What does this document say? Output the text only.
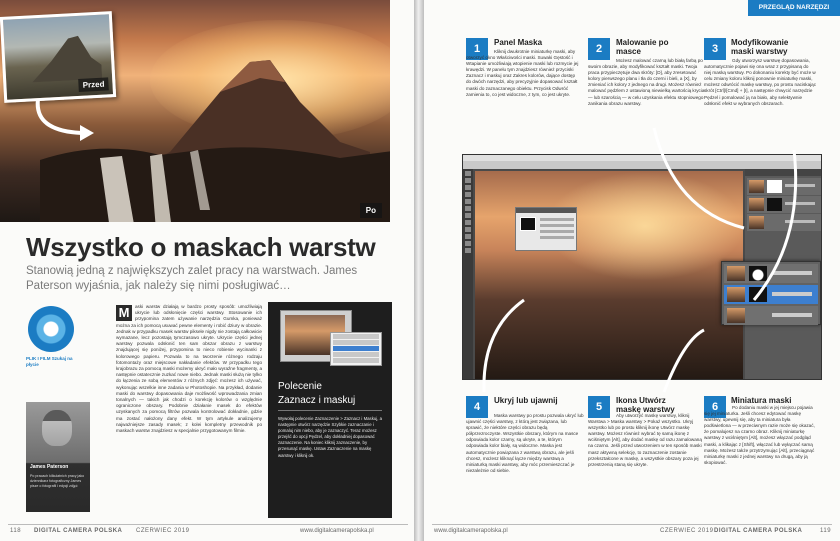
Po
Przed
Wszystko o maskach warstw
Stanowią jedną z największych zalet pracy na warstwach. James Paterson wyjaśnia, jak należy się nimi posługiwać…
PLIK I FILM Szukaj na płycie
James Paterson
Po pracach kilkulatnich pracy jako dziennikarz fotograficzny James pisze o fotografii i edycji zdjęć
M	aski warstw działają w bardzo prosty sposób: umożliwiają ukrycie lub odsłonięcie części warstwy. Stosowanie ich przypomina zatem używanie narzędzia Gumka, ponieważ można za ich pomocą usuwać pewne elementy i robić dziury w obrazie. Jednak w przypadku masek warstw piksele nigdy nie zostają całkowicie wymazane, lecz pozostają tymczasowo ukryte. Ukrycie części jednej warstwy pozwala odsłonić ten sam obszar obrazu z warstwy znajdującej się poniżej, przypomina to nieco robienie wycinanki z kolorowego papieru. Pozwala to na tworzenie różnego rodzaju fotomontaży oraz miejscowe nakładanie efektów. W przypadku tego krajobrazu za pomocą maski możemy ukryć mało wyraźne fragmenty, a następnie ostatecznie zuzkać nowe niebo. Jednak maski służą nie tylko do łączenia ze sobą elementów z różnych zdjęć: możesz ich używać, wykonując wszelkie inne zadania w Photoshopie. Na przykład, dodanie maski do warstwy dopasowania daje możliwość wprowadzania zmian tonalnych — takich jak chodzi o korekcję kolorów o względnie ograniczone obszary. Podobnie działanie masek do efektów uzyskanych za pomocą filtrów pozwala kontrolować dokładnie, gdzie ma zostać nałożony dany efekt. W tym artykule analizujemy najważniejsze zasady masek; z kolei kompletny przewodnik po maskach warstw znajdziesz w specjalnie przygotowanym filmie.
Polecenie
Zaznacz i maskuj
Wywołaj polecenie Zaznaczenie > Zaznacz i Maskuj, a następnie otwórz narzędzie Szybkie zaznaczanie i pomaluj nim niebo, aby je zaznaczyć. Teraz możesz przejść do opcji Pędzel, aby dokładniej dopasować zaznaczenie. Na koniec kliknij zaznaczenie, by przesunąć maskę. Ustaw Zaznaczenie na maskę warstwy i kliknij ok.
118 DIGITAL CAMERA POLSKA CZERWIEC 2019	www.digitalcamerapolska.pl
PRZEGLĄD NARZĘDZI
1
Panel Maska
Kliknij dwukrotnie miniaturkę maski, aby otworzyć okno Właściwości maski. Suwaki Gęstość i Wtapianie umożliwiają wtopienie maski lub rozmycie jej krawędzi. W panelu tym znajdziesz również przyciski Zaznacz i maskuj oraz Zakres kolorów, dające dostęp do dwóch narzędzi, aby precyzyjnie dopasować kształt maski do zaznaczanego obiektu. Przycisk Odwróć zamienia to, co jest widoczne, z tym, co jest ukryte.
2
Malowanie po masce
Możesz malować czarną lub białą farbą po swoim obrazie, aby modyfikować kształt maski. Twoja praca przypieczętuje dwa skróty: [D], aby zresetować kolory pierwszego planu i tła do czerni i bieli, a [X], by zmieniać ich kolory z jednego na drugi. Możesz również malować pędzlem z ustawioną niewielką wartością krycia — lub szarością — w celu uzyskania efektu stopniowego zanikania obrazu warstwy.
3
Modyfikowanie maski warstwy
Gdy utworzysz warstwę dopasowania, automatycznie pojawi się ona wraz z przypisaną do niej maską warstwy. Po dokonaniu korekty być może w celu zmiany koloru kliknij ponownie miniaturkę maski, możesz odwrócić maskę warstwy, po prostu naciskając skrót [Ctrl]/[Cmd] + [I], a następnie chwycić narzędzie Pędzel i pomalować ją na biało, aby selektywnie odsłonić efekt w wybranych obszarach.
4
Ukryj lub ujawnij
Maska warstwy po prostu pozwala ukryć lub ujawnić części warstwy, z którą jest związana, lub sprawić, że niektóre części obrazu będą półprzezroczyste. Wszystkie obszary, którym na masce odpowiada kolor czarny, są ukryte, a te, którym odpowiada kolor biały, są widoczne. Maska jest automatycznie powiązana z warstwą obrazu, ale jeśli chcesz, możesz kliknąć łącze między warstwą a miniaturką maski warstwy, aby móc przemieszczać je niezależnie od siebie.
5
Ikona Utwórz maskę warstwy
Aby utworzyć maskę warstwy, kliknij Warstwa > Maska warstwy > Pokaż wszystko. Ukryj wszystko lub po prostu kliknij ikonę Utwórz maskę warstwy. Możesz również wybrać tę samą ikonę z wciśniętym [Alt], aby dodać maskę od razu zamalowaną na czarno. Jeśli przed utworzeniem w ten sposób maski masz aktywną selekcję, to zaznaczenie zostanie przekształcone w maskę, a wszystkie obszary poza jej przestrzenią staną się ukryte.
6
Miniatura maski
Po dodaniu maski w jej miejscu pojawia się jej miniaturka. Jeśli chcesz edytować maskę warstwy, upewnij się, aby ta miniatura była podświetlona — w przeciwnym razie może się okazać, że pomalujesz na czarno obraz. Kliknij miniaturkę warstwy z wciśniętym [Alt], możesz włączać podgląd maski, a klikając z [Shift], włączać lub wyłączać samą maskę. Możesz także przytrzymując [Alt], przeciągnąć miniaturkę maski z jednej warstwy na drugą, aby ją skopiować.
www.digitalcamerapolska.pl	CZERWIEC 2019 DIGITAL CAMERA POLSKA	119
